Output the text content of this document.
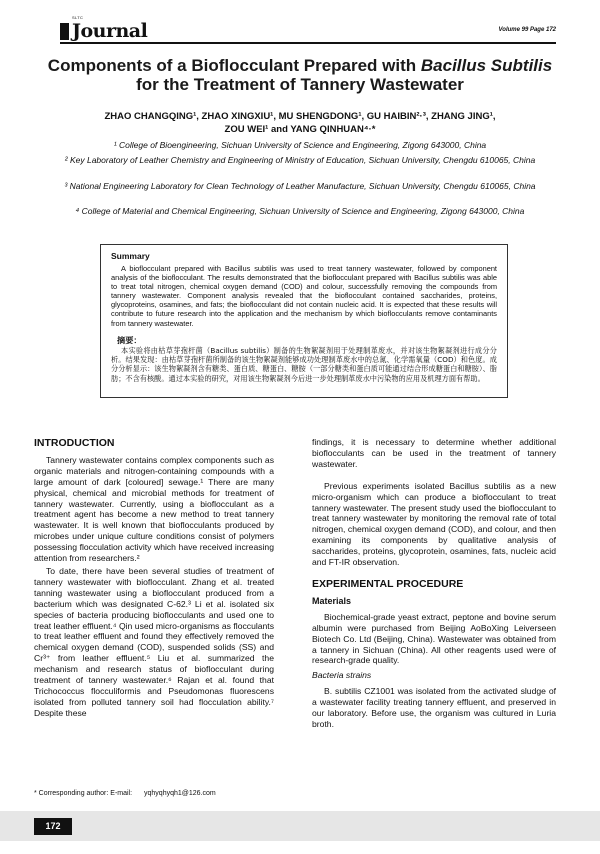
SLTC
Journal	Volume 99 Page 172
Components of a Bioflocculant Prepared with Bacillus Subtilis for the Treatment of Tannery Wastewater
ZHAO CHANGQING¹, ZHAO XINGXIU¹, MU SHENGDONG¹, GU HAIBIN²·³, ZHANG JING¹,
ZOU WEI¹ and YANG QINHUAN⁴·*
¹ College of Bioengineering, Sichuan University of Science and Engineering, Zigong 643000, China
² Key Laboratory of Leather Chemistry and Engineering of Ministry of Education, Sichuan University, Chengdu 610065, China
³ National Engineering Laboratory for Clean Technology of Leather Manufacture, Sichuan University, Chengdu 610065, China
⁴ College of Material and Chemical Engineering, Sichuan University of Science and Engineering, Zigong 643000, China
Summary
A bioflocculant prepared with Bacillus subtilis was used to treat tannery wastewater, followed by component analysis of the bioflocculant. The results demonstrated that the bioflocculant prepared with Bacillus subtilis was able to treat total nitrogen, chemical oxygen demand (COD) and colour, successfully removing the compounds from tannery wastewater. Component analysis revealed that the bioflocculant contained saccharides, proteins, glycoproteins, osamines, and fats; the bioflocculant did not contain nucleic acid. It is expected that these results will contribute to future research into the application and the mechanism by which bioflocculants remove contaminants from tannery wastewater.
摘要：
本实验将由枯草芽孢杆菌（Bacillus subtilis）制备的生物絮凝剂用于处理制革废水，并对该生物絮凝剂进行成分分析。结果发现：由枯草芽孢杆菌所制备的该生物絮凝剂能够成功处理制革废水中的总氮、化学需氧量（COD）和色度。成分分析显示：该生物絮凝剂含有糖类、蛋白质、糖蛋白、糖胺（一部分糖类和蛋白质可能通过结合形成糖蛋白和糖胺）、脂肪；不含有核酸。通过本实验的研究，对用该生物絮凝剂今后进一步处理制革废水中污染物的应用及机理方面有帮助。
INTRODUCTION
Tannery wastewater contains complex components such as organic materials and nitrogen-containing compounds with a large amount of dark [coloured] sewage.¹ There are many physical, chemical and microbial methods for treatment of tannery wastewater. Currently, using a bioflocculant as a treatment agent has become a new method to treat tannery wastewater. It is well known that bioflocculants produced by microbes under unique culture conditions consist of polymers possessing flocculation activity which have received increasing attention from researchers.²
To date, there have been several studies of treatment of tannery wastewater with bioflocculant. Zhang et al. treated tanning wastewater using a bioflocculant produced from a bacterium which was designated C-62.³ Li et al. isolated six species of bacteria producing bioflocculants and used one to treat leather effluent.⁴ Qin used micro-organisms as flocculants to treat leather effluent and found they effectively removed the chemical oxygen demand (COD), suspended solids (SS) and Cr³⁺ from leather effluent.⁵ Liu et al. summarized the mechanism and research status of bioflocculant during treatment of tannery wastewater.⁶ Rajan et al. found that Trichococcus flocculiformis and Pseudomonas fluorescens isolated from polluted tannery soil had flocculation ability.⁷ Despite these
findings, it is necessary to determine whether additional bioflocculants can be used in the treatment of tannery wastewater.
Previous experiments isolated Bacillus subtilis as a new micro-organism which can produce a bioflocculant to treat tannery wastewater. The present study used the bioflocculant to treat tannery wastewater by monitoring the removal rate of total nitrogen, chemical oxygen demand (COD), and colour, and then examining its components by qualitative analysis of saccharides, proteins, glycoprotein, osamines, fats, nucleic acid and FT-IR observation.
EXPERIMENTAL PROCEDURE
Materials
Biochemical-grade yeast extract, peptone and bovine serum albumin were purchased from Beijing AoBoXing Leiverseen Biotech Co. Ltd (Beijing, China). Wastewater was obtained from a tannery in Sichuan (China). All other reagents used were of research-grade quality.
Bacteria strains
B. subtilis CZ1001 was isolated from the activated sludge of a wastewater facility treating tannery effluent, and preserved in our laboratory. Before use, the organism was cultured in Luria broth.
* Corresponding author: E-mail: yqhyqhyqh1@126.com
172
